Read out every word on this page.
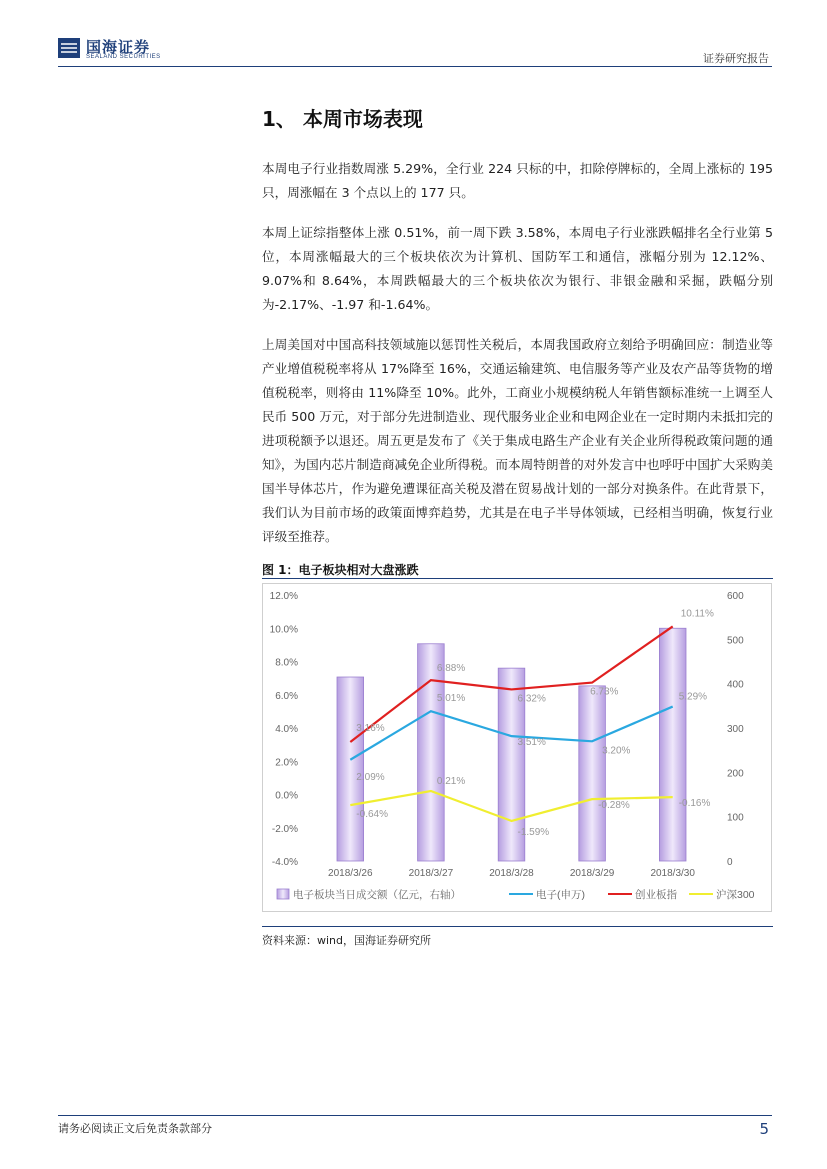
国海证券
SEALAND SECURITIES	证券研究报告
1、 本周市场表现
本周电子行业指数周涨 5.29%，全行业 224 只标的中，扣除停牌标的，全周上涨标的 195 只，周涨幅在 3 个点以上的 177 只。
本周上证综指整体上涨 0.51%，前一周下跌 3.58%，本周电子行业涨跌幅排名全行业第 5 位，本周涨幅最大的三个板块依次为计算机、国防军工和通信，涨幅分别为 12.12%、9.07%和 8.64%，本周跌幅最大的三个板块依次为银行、非银金融和采掘，跌幅分别为-2.17%、-1.97 和-1.64%。
上周美国对中国高科技领域施以惩罚性关税后，本周我国政府立刻给予明确回应：制造业等产业增值税税率将从 17%降至 16%，交通运输建筑、电信服务等产业及农产品等货物的增值税税率，则将由 11%降至 10%。此外，工商业小规模纳税人年销售额标准统一上调至人民币 500 万元，对于部分先进制造业、现代服务业企业和电网企业在一定时期内未抵扣完的进项税额予以退还。周五更是发布了《关于集成电路生产企业有关企业所得税政策问题的通知》，为国内芯片制造商减免企业所得税。而本周特朗普的对外发言中也呼吁中国扩大采购美国半导体芯片，作为避免遭课征高关税及潜在贸易战计划的一部分对换条件。在此背景下，我们认为目前市场的政策面博弈趋势，尤其是在电子半导体领域，已经相当明确，恢复行业评级至推荐。
图 1：电子板块相对大盘涨跌
12.0%
10.0%
8.0%
6.0%
4.0%
2.0%
0.0%
-2.0%
-4.0%
600
500
400
300
200
100
0
2018/3/26	2018/3/27	2018/3/28	2018/3/29	2018/3/30
2.09%
5.01%
3.51%
3.20%
5.29%
3.16%
6.88%
6.32%
6.73%
10.11%
-0.64%
0.21%
-1.59%
-0.28%	-0.16%
电子板块当日成交额（亿元，右轴）	电子(申万)	创业板指	沪深300
资料来源：wind，国海证券研究所
请务必阅读正文后免责条款部分	5
